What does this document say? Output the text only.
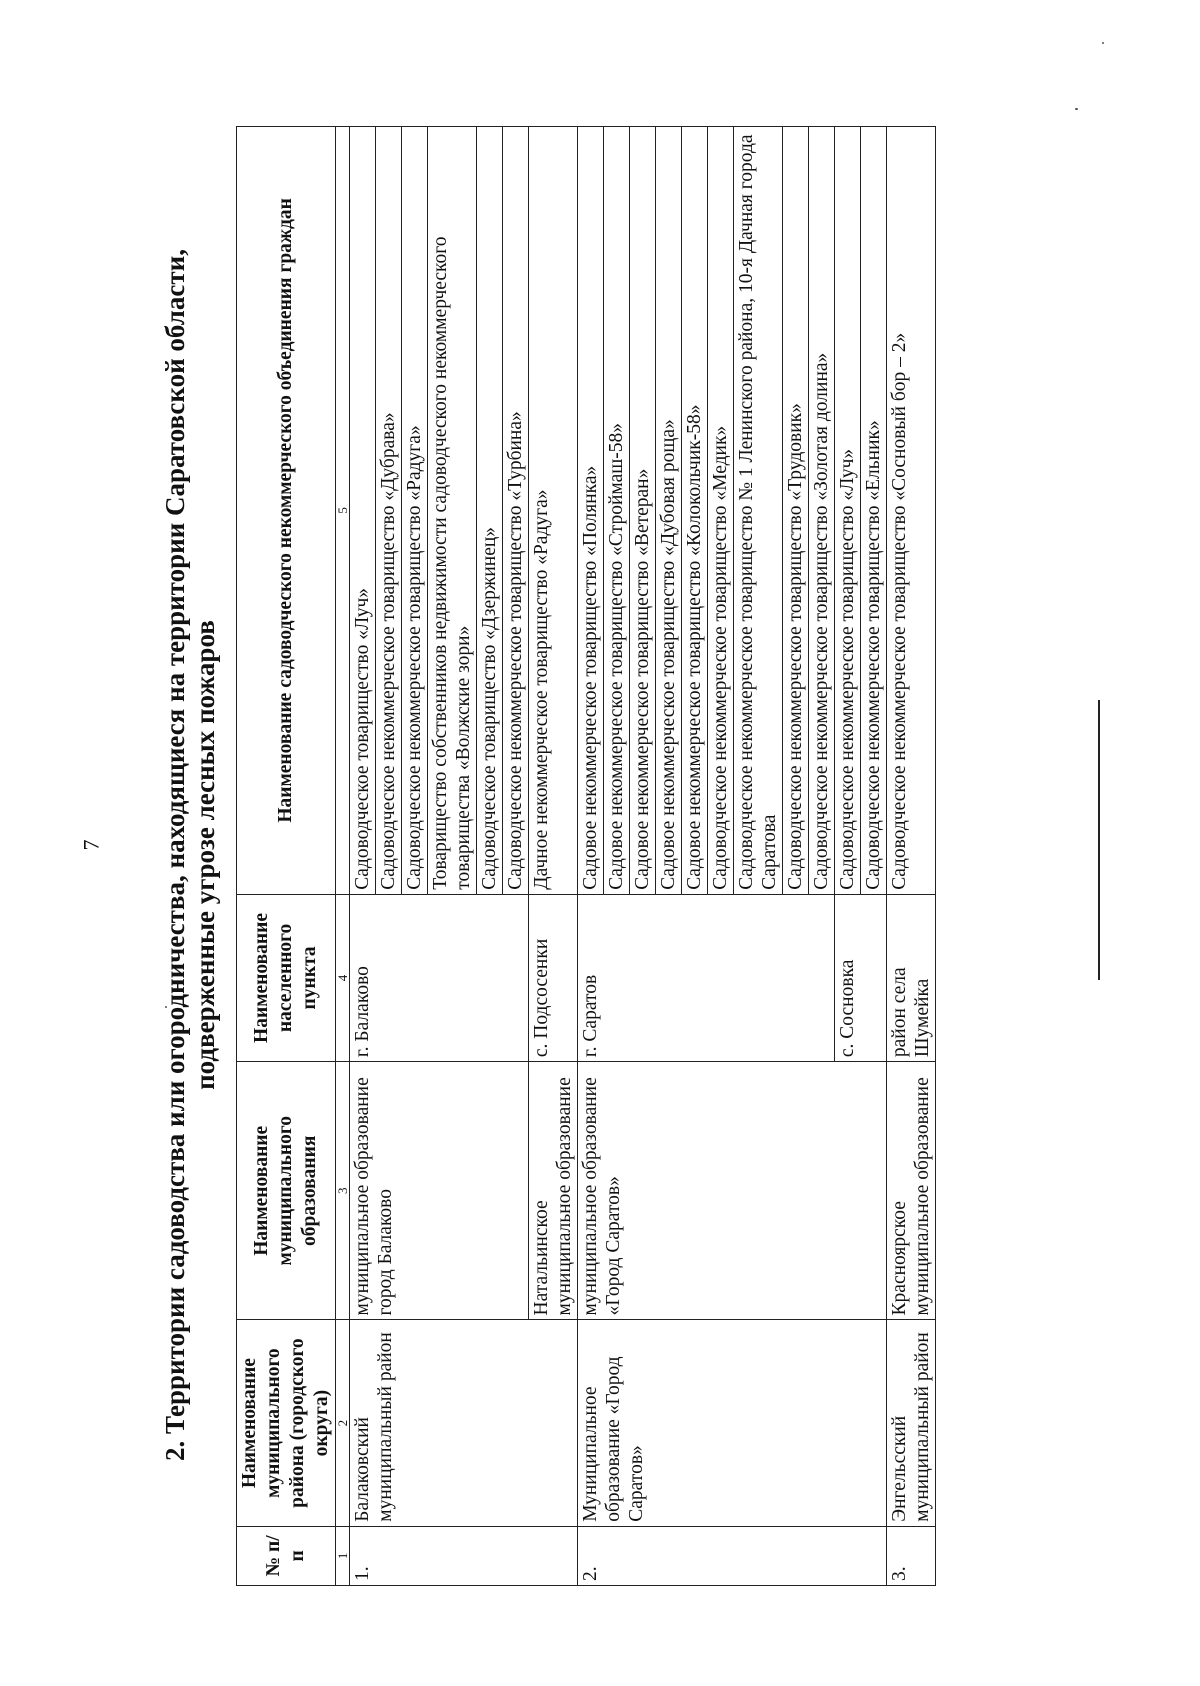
7 2. Территории садоводства или огородничества, находящиеся на территории Саратовской области, подверженные угрозе лесных пожаров
№ п/п	Наименование муниципального района (городского округа)	Наименование муниципального образования	Наименование населенного пункта	Наименование садоводческого некоммерческого объединения граждан
1	2	3	4	5
1.	Балаковский муниципальный район	муниципальное образование город Балаково	г. Балаково	Садоводческое товарищество «Луч»
				Садоводческое некоммерческое товарищество «Дубрава»
				Садоводческое некоммерческое товарищество «Радуга»
				Товарищество собственников недвижимости садоводческого некоммерческого товарищества «Волжские зори»
				Садоводческое товарищество «Дзержинец»
				Садоводческое некоммерческое товарищество «Турбина»
		Натальинское муниципальное образование	с. Подсосенки	Дачное некоммерческое товарищество «Радуга»
2.	Муниципальное образование «Город Саратов»	муниципальное образование «Город Саратов»	г. Саратов	Садовое некоммерческое товарищество «Полянка»
				Садовое некоммерческое товарищество «Строймаш-58»
				Садовое некоммерческое товарищество «Ветеран»
				Садовое некоммерческое товарищество «Дубовая роща»
				Садовое некоммерческое товарищество «Колокольчик-58»
				Садоводческое некоммерческое товарищество «Медик»
				Садоводческое некоммерческое товарищество № 1 Ленинского района, 10-я Дачная города Саратова
				Садоводческое некоммерческое товарищество «Трудовик»
				Садоводческое некоммерческое товарищество «Золотая долина»
			с. Сосновка	Садоводческое некоммерческое товарищество «Луч»
				Садоводческое некоммерческое товарищество «Ельник»
3.	Энгельсский муниципальный район	Красноярское муниципальное образование	район села Шумейка	Садоводческое некоммерческое товарищество «Сосновый бор – 2»
